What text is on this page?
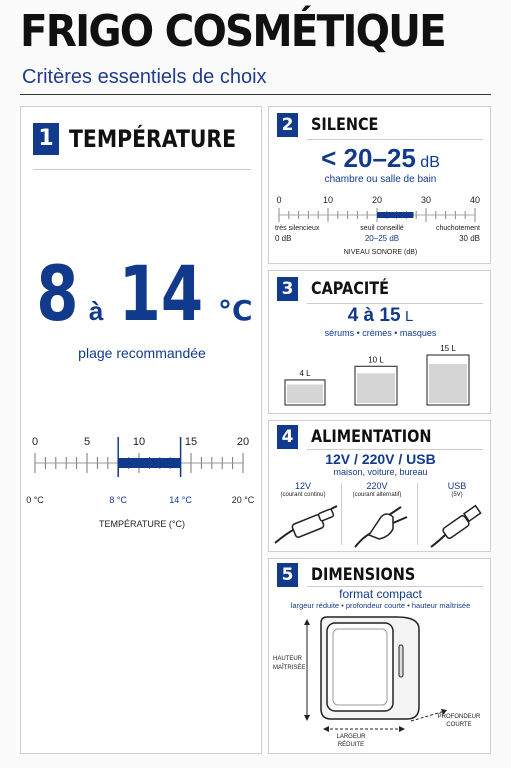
FRIGO COSMÉTIQUE
Critères essentiels de choix
1 TEMPÉRATURE
8 à 14 °C
plage recommandée
0	5	10	15	20
0 °C	8 °C	14 °C	20 °C
TEMPÉRATURE (°C)
2 SILENCE
< 20–25 dB
chambre ou salle de bain
0	10	20	30	40
très silencieux
0 dB
seuil conseillé
20–25 dB
chuchotement
30 dB
NIVEAU SONORE (dB)
3 CAPACITÉ
4 à 15 L
sérums • crèmes • masques
4 L
10 L
15 L
4 ALIMENTATION
12V / 220V / USB
maison, voiture, bureau
12V
(courant continu)
220V
(courant alternatif)
USB
(5V)
5 DIMENSIONS
format compact
largeur réduite • profondeur courte • hauteur maîtrisée
HAUTEUR MAÎTRISÉE
LARGEUR RÉDUITE
PROFONDEUR COURTE
